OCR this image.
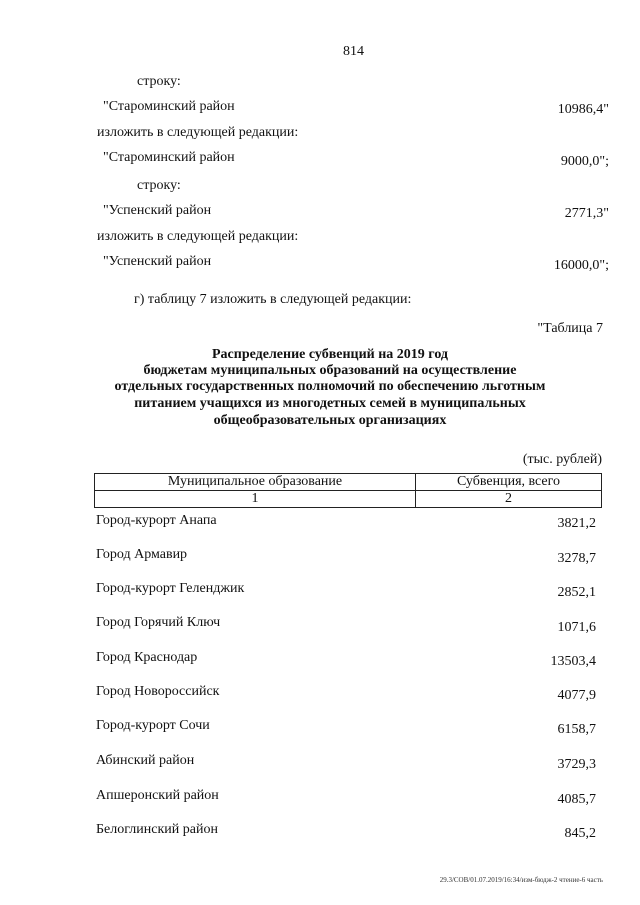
814
строку:
"Староминский район	10986,4"
изложить в следующей редакции:
"Староминский район	9000,0";
строку:
"Успенский район	2771,3"
изложить в следующей редакции:
"Успенский район	16000,0";
г) таблицу 7 изложить в следующей редакции:
"Таблица 7
Распределение субвенций на 2019 год
бюджетам муниципальных образований на осуществление
отдельных государственных полномочий по обеспечению льготным
питанием учащихся из многодетных семей в муниципальных
общеобразовательных организациях
(тыс. рублей)
Муниципальное образование	Субвенция, всего
1	2
Город-курорт Анапа	3821,2
Город Армавир	3278,7
Город-курорт Геленджик	2852,1
Город Горячий Ключ	1071,6
Город Краснодар	13503,4
Город Новороссийск	4077,9
Город-курорт Сочи	6158,7
Абинский район	3729,3
Апшеронский район	4085,7
Белоглинский район	845,2
29.3/СОВ/01.07.2019/16:34/изм-бюдж-2 чтение-6 часть
